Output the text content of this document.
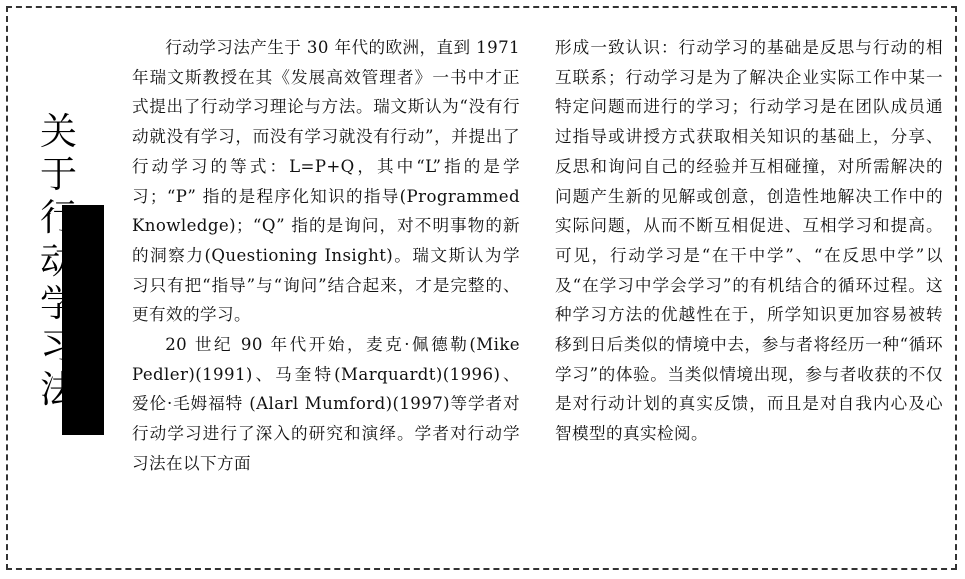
关
于
行
动
学
习
法

行动学习法产生于 30 年代的欧洲，直到 1971 年瑞文斯教授在其《发展高效管理者》一书中才正式提出了行动学习理论与方法。瑞文斯认为“没有行动就没有学习，而没有学习就没有行动”，并提出了行动学习的等式：L=P+Q，其中“L”指的是学习；“P” 指的是程序化知识的指导(Programmed Knowledge)；“Q” 指的是询问，对不明事物的新的洞察力(Questioning Insight)。瑞文斯认为学习只有把“指导”与“询问”结合起来，才是完整的、更有效的学习。

20 世纪 90 年代开始，麦克·佩德勒(Mike Pedler)(1991)、马奎特(Marquardt)(1996)、爱伦·毛姆福特 (Alarl Mumford)(1997)等学者对行动学习进行了深入的研究和演绎。学者对行动学习法在以下方面

形成一致认识：行动学习的基础是反思与行动的相互联系；行动学习是为了解决企业实际工作中某一特定问题而进行的学习；行动学习是在团队成员通过指导或讲授方式获取相关知识的基础上，分享、反思和询问自己的经验并互相碰撞，对所需解决的问题产生新的见解或创意，创造性地解决工作中的实际问题，从而不断互相促进、互相学习和提高。可见，行动学习是“在干中学”、“在反思中学”以及“在学习中学会学习”的有机结合的循环过程。这种学习方法的优越性在于，所学知识更加容易被转移到日后类似的情境中去，参与者将经历一种“循环学习”的体验。当类似情境出现，参与者收获的不仅是对行动计划的真实反馈，而且是对自我内心及心智模型的真实检阅。
